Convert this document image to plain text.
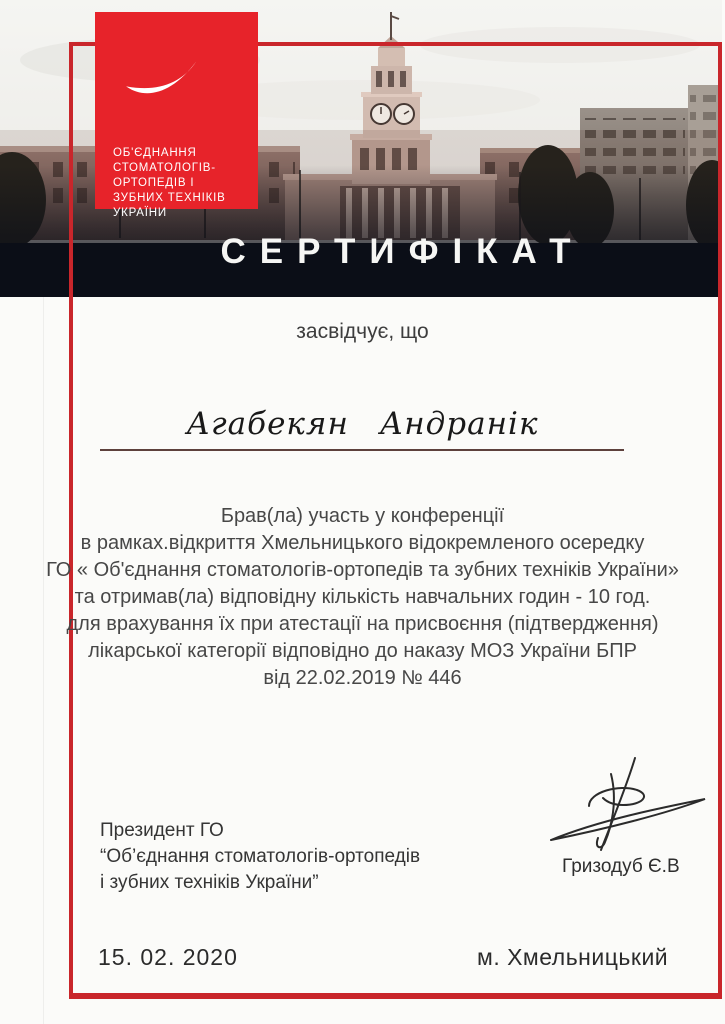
ОБ'ЄДНАННЯ
СТОМАТОЛОГІВ-
ОРТОПЕДІВ І
ЗУБНИХ ТЕХНІКІВ
УКРАЇНИ
СЕРТИФІКАТ
засвідчує, що
Агабекян Андранік
Брав(ла) участь у конференції
в рамках.відкриття Хмельницького відокремленого осередку
ГО « Об'єднання стоматологів-ортопедів та зубних техніків України»
та отримав(ла) відповідну кількість навчальних годин - 10 год.
для врахування їх при атестації на присвоєння (підтвердження)
лікарської категорії відповідно до наказу МОЗ України БПР
від 22.02.2019 № 446
Президент ГО
“Об’єднання стоматологів-ортопедів
і зубних техніків України”
Гризодуб Є.В
15. 02. 2020	м. Хмельницький
